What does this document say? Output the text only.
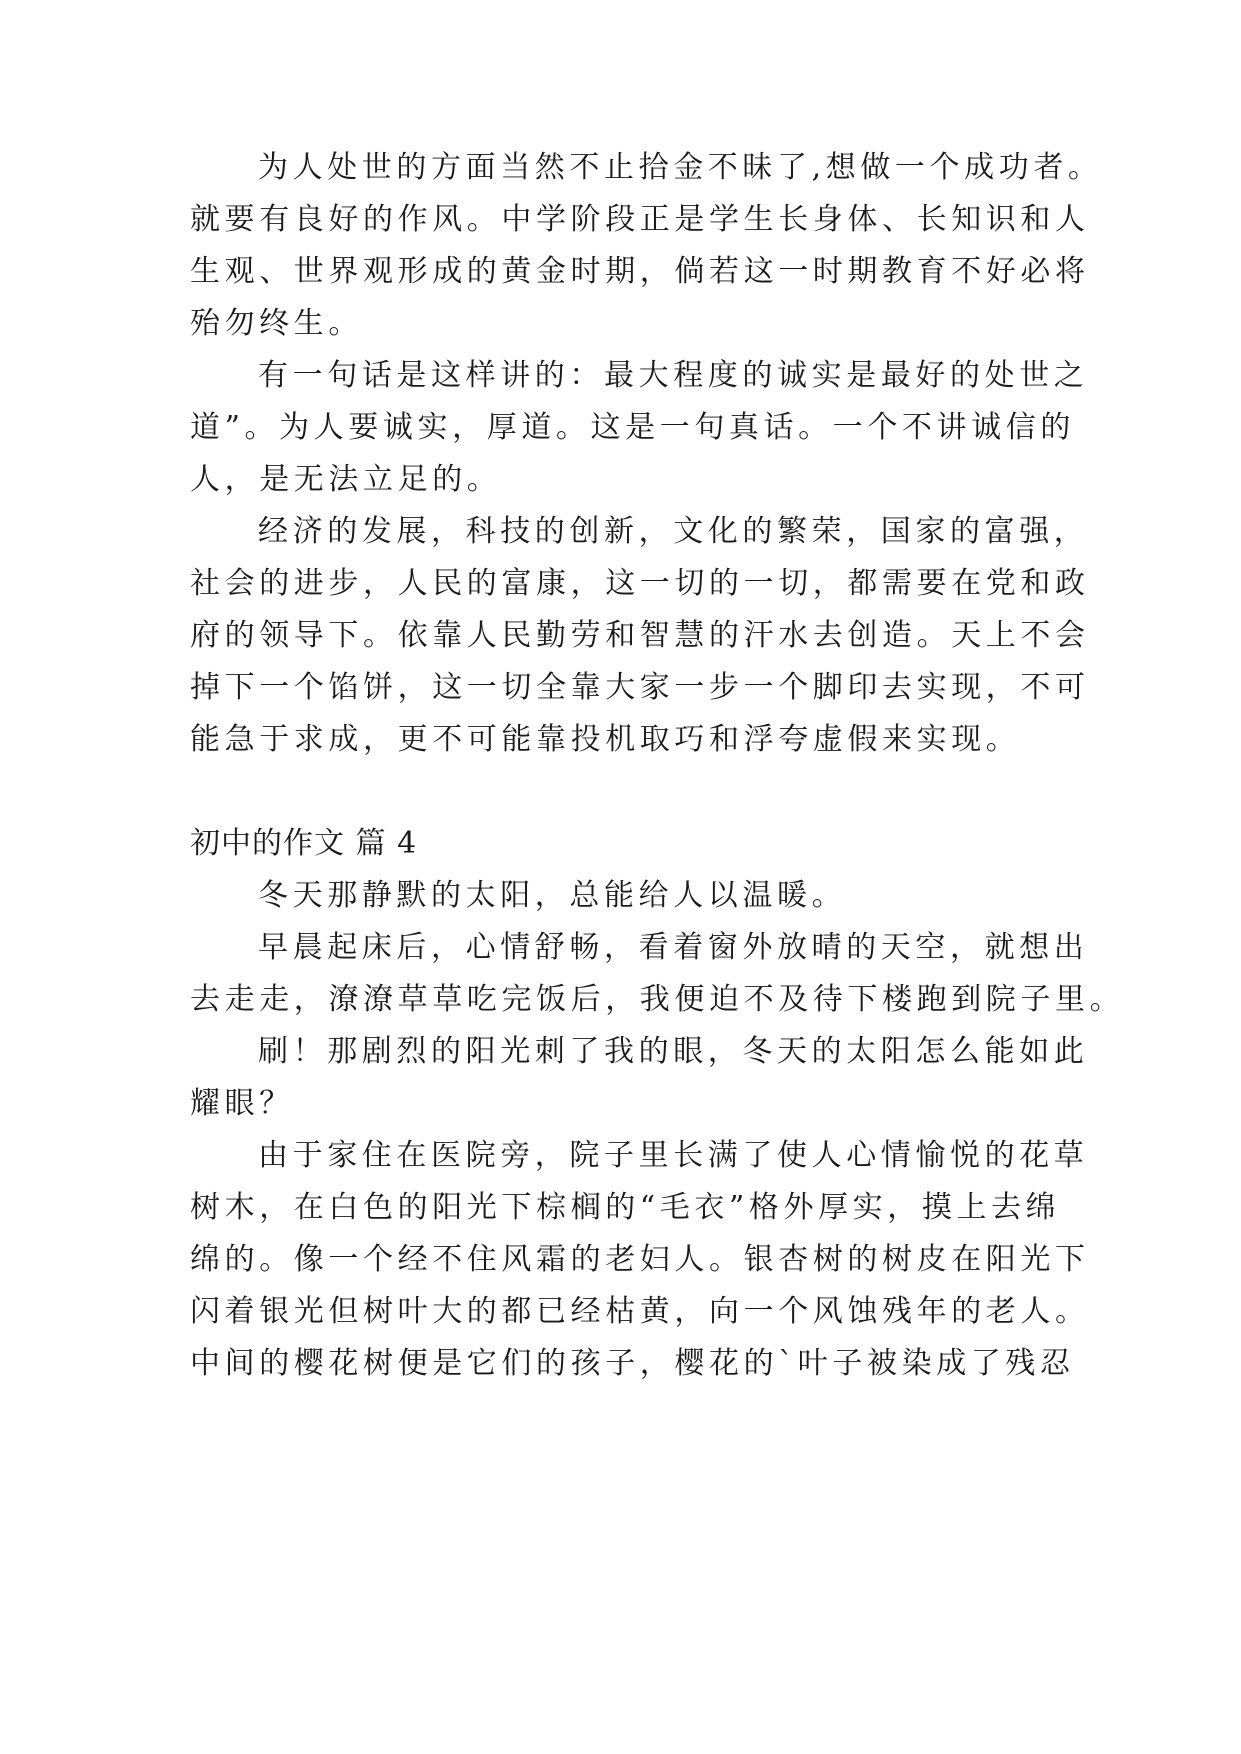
为人处世的方面当然不止拾金不昧了,想做一个成功者。
就要有良好的作风。中学阶段正是学生长身体、长知识和人
生观、世界观形成的黄金时期，倘若这一时期教育不好必将
殆勿终生。
有一句话是这样讲的：最大程度的诚实是最好的处世之
道”。为人要诚实，厚道。这是一句真话。一个不讲诚信的
人，是无法立足的。
经济的发展，科技的创新，文化的繁荣，国家的富强，
社会的进步，人民的富康，这一切的一切，都需要在党和政
府的领导下。依靠人民勤劳和智慧的汗水去创造。天上不会
掉下一个馅饼，这一切全靠大家一步一个脚印去实现，不可
能急于求成，更不可能靠投机取巧和浮夸虚假来实现。
初中的作文 篇 4
冬天那静默的太阳，总能给人以温暖。
早晨起床后，心情舒畅，看着窗外放晴的天空，就想出
去走走，潦潦草草吃完饭后，我便迫不及待下楼跑到院子里。
刷！那剧烈的阳光刺了我的眼，冬天的太阳怎么能如此
耀眼？
由于家住在医院旁，院子里长满了使人心情愉悦的花草
树木，在白色的阳光下棕榈的“毛衣”格外厚实，摸上去绵
绵的。像一个经不住风霜的老妇人。银杏树的树皮在阳光下
闪着银光但树叶大的都已经枯黄，向一个风蚀残年的老人。
中间的樱花树便是它们的孩子，樱花的`叶子被染成了残忍
